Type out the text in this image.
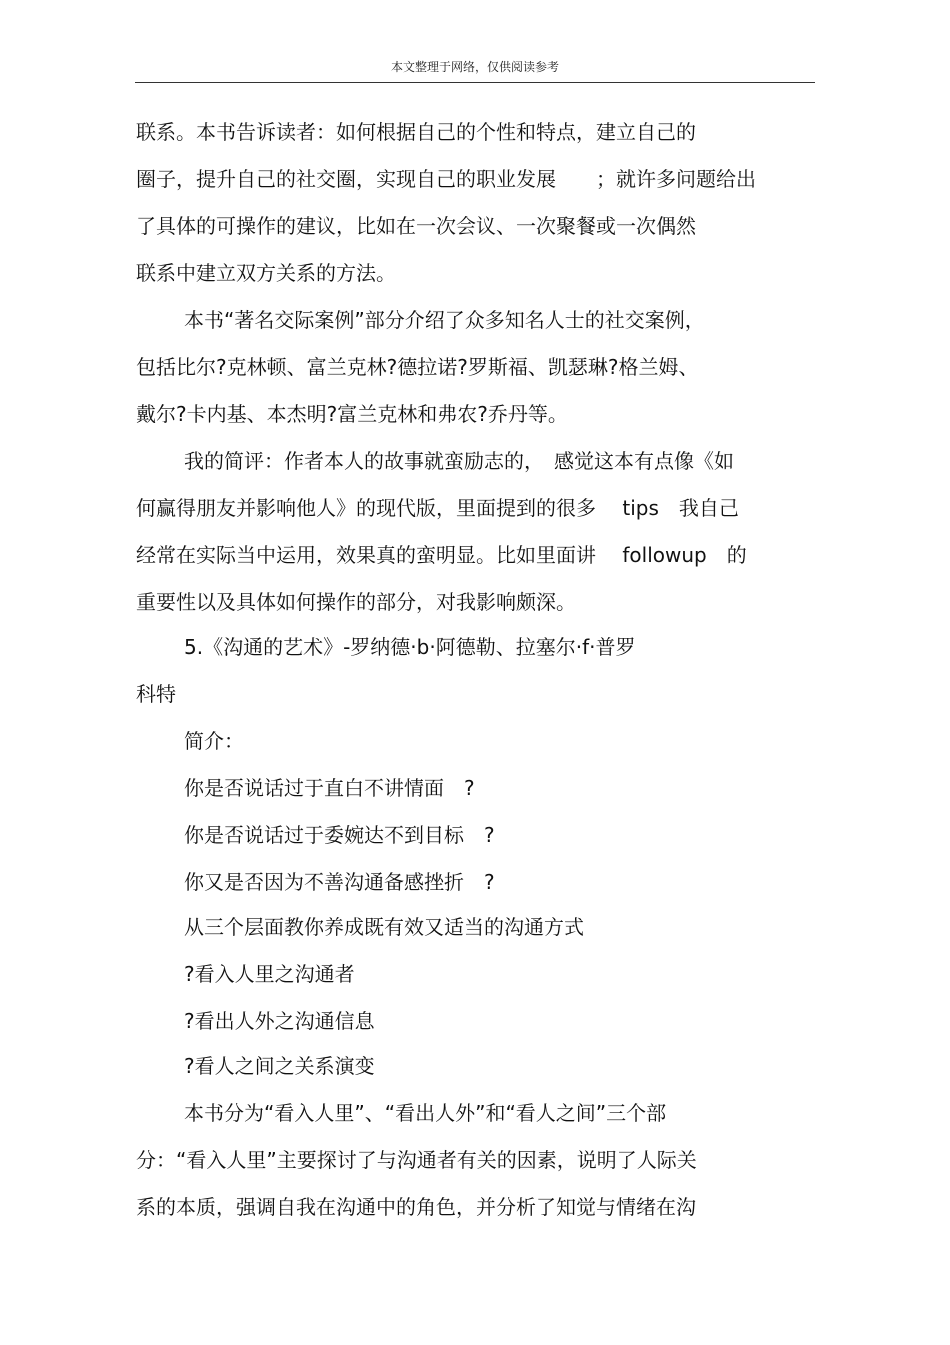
本文整理于网络，仅供阅读参考
联系。本书告诉读者：如何根据自己的个性和特点，建立自己的
圈子，提升自己的社交圈，实现自己的职业发展　　；就许多问题给出
了具体的可操作的建议，比如在一次会议、一次聚餐或一次偶然
联系中建立双方关系的方法。
本书“著名交际案例”部分介绍了众多知名人士的社交案例，
包括比尔?克林顿、富兰克林?德拉诺?罗斯福、凯瑟琳?格兰姆、
戴尔?卡内基、本杰明?富兰克林和弗农?乔丹等。
我的简评：作者本人的故事就蛮励志的，　感觉这本有点像《如
何赢得朋友并影响他人》的现代版，里面提到的很多　 tips　我自己
经常在实际当中运用，效果真的蛮明显。比如里面讲　 followup　的
重要性以及具体如何操作的部分，对我影响颇深。
5.《沟通的艺术》-罗纳德·b·阿德勒、拉塞尔·f·普罗
科特
简介：
你是否说话过于直白不讲情面　?
你是否说话过于委婉达不到目标　?
你又是否因为不善沟通备感挫折　?
从三个层面教你养成既有效又适当的沟通方式
?看入人里之沟通者
?看出人外之沟通信息
?看人之间之关系演变
本书分为“看入人里”、“看出人外”和“看人之间”三个部
分：“看入人里”主要探讨了与沟通者有关的因素，说明了人际关
系的本质，强调自我在沟通中的角色，并分析了知觉与情绪在沟
